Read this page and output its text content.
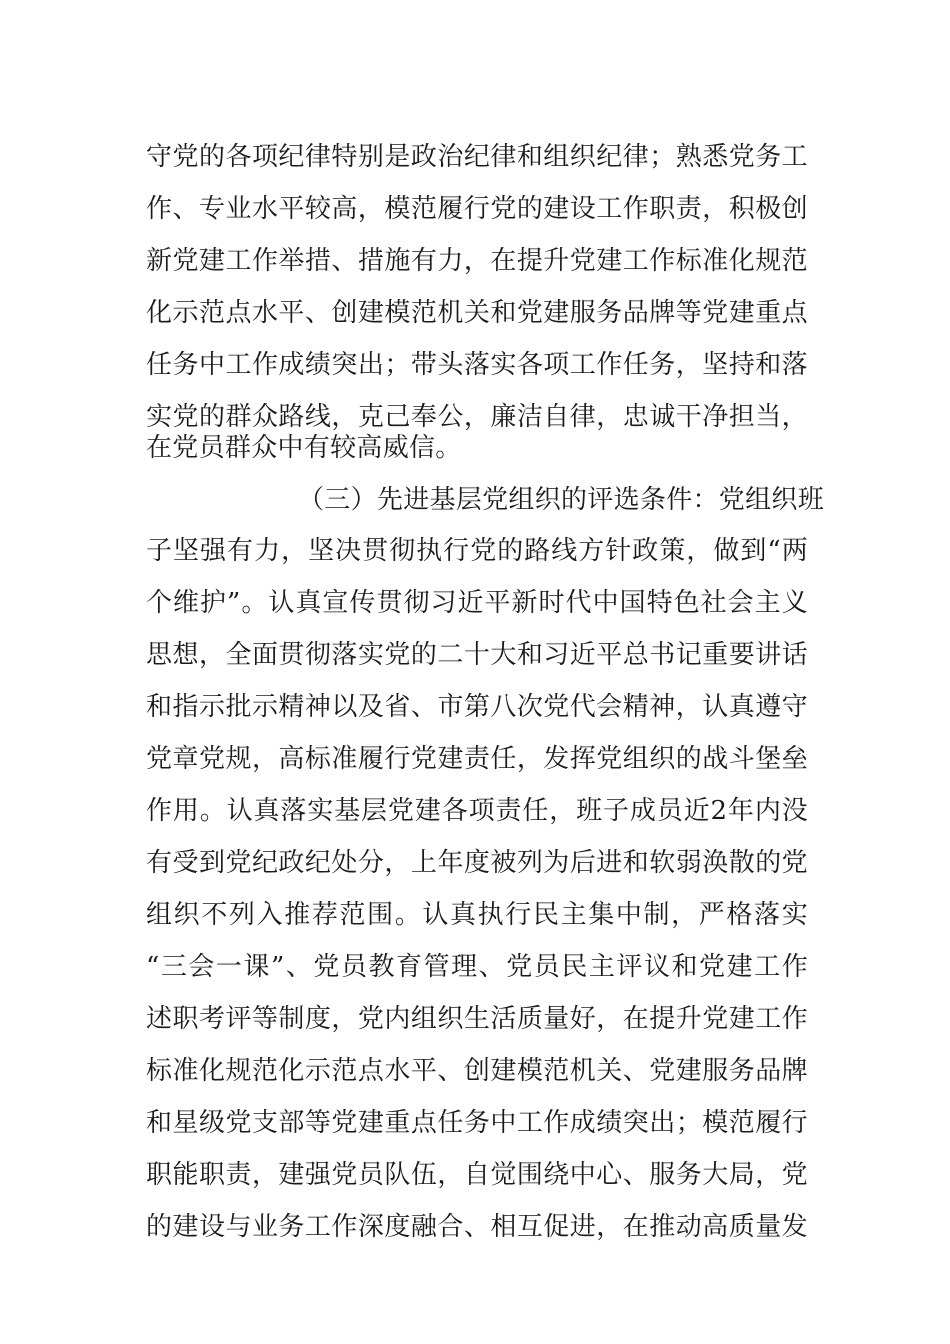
守党的各项纪律特别是政治纪律和组织纪律；熟悉党务工
作、专业水平较高，模范履行党的建设工作职责，积极创
新党建工作举措、措施有力，在提升党建工作标准化规范
化示范点水平、创建模范机关和党建服务品牌等党建重点
任务中工作成绩突出；带头落实各项工作任务，坚持和落
实党的群众路线，克己奉公，廉洁自律，忠诚干净担当，
在党员群众中有较高威信。
（三）先进基层党组织的评选条件：党组织班
子坚强有力，坚决贯彻执行党的路线方针政策，做到“两
个维护”。认真宣传贯彻习近平新时代中国特色社会主义
思想，全面贯彻落实党的二十大和习近平总书记重要讲话
和指示批示精神以及省、市第八次党代会精神，认真遵守
党章党规，高标准履行党建责任，发挥党组织的战斗堡垒
作用。认真落实基层党建各项责任，班子成员近2年内没
有受到党纪政纪处分，上年度被列为后进和软弱涣散的党
组织不列入推荐范围。认真执行民主集中制，严格落实
“三会一课”、党员教育管理、党员民主评议和党建工作
述职考评等制度，党内组织生活质量好，在提升党建工作
标准化规范化示范点水平、创建模范机关、党建服务品牌
和星级党支部等党建重点任务中工作成绩突出；模范履行
职能职责，建强党员队伍，自觉围绕中心、服务大局，党
的建设与业务工作深度融合、相互促进，在推动高质量发
